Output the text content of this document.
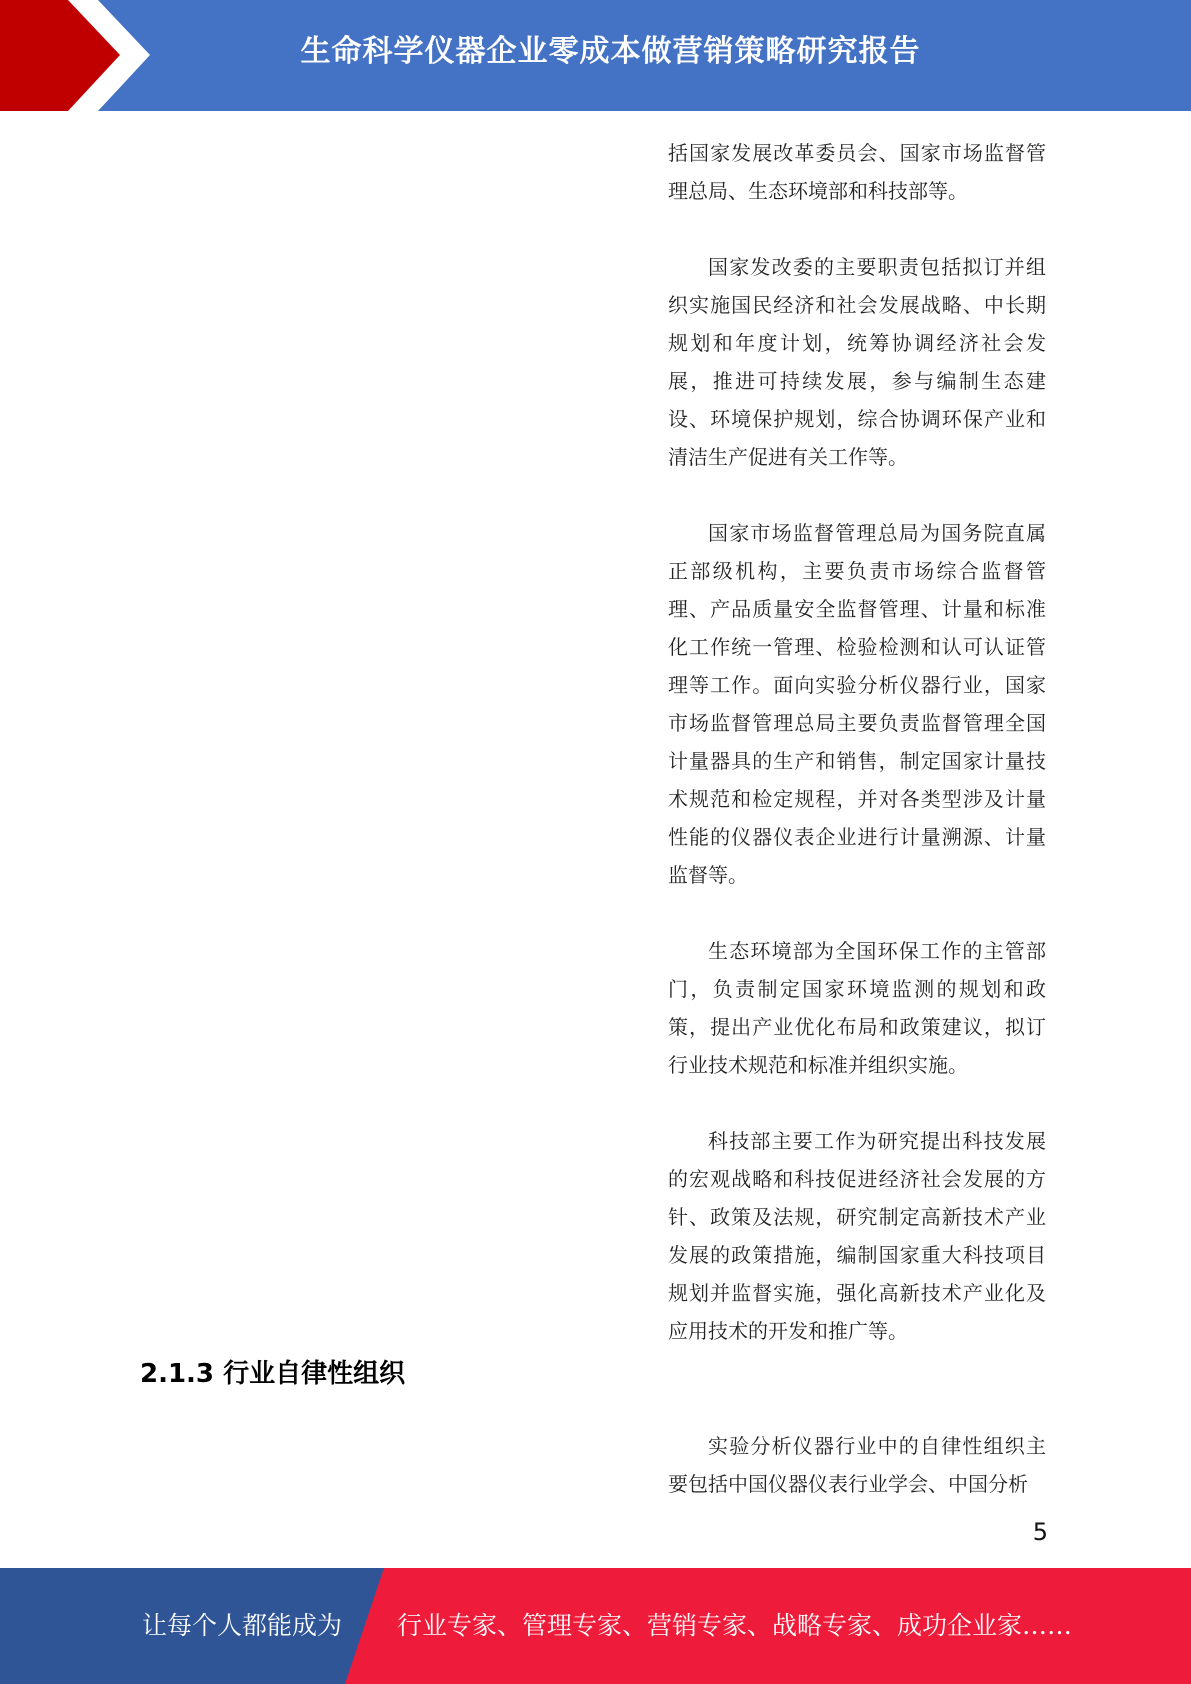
生命科学仪器企业零成本做营销策略研究报告

括国家发展改革委员会、国家市场监督管理总局、生态环境部和科技部等。

国家发改委的主要职责包括拟订并组织实施国民经济和社会发展战略、中长期规划和年度计划，统筹协调经济社会发展，推进可持续发展，参与编制生态建设、环境保护规划，综合协调环保产业和清洁生产促进有关工作等。

国家市场监督管理总局为国务院直属正部级机构，主要负责市场综合监督管理、产品质量安全监督管理、计量和标准化工作统一管理、检验检测和认可认证管理等工作。面向实验分析仪器行业，国家市场监督管理总局主要负责监督管理全国计量器具的生产和销售，制定国家计量技术规范和检定规程，并对各类型涉及计量性能的仪器仪表企业进行计量溯源、计量监督等。

生态环境部为全国环保工作的主管部门，负责制定国家环境监测的规划和政策，提出产业优化布局和政策建议，拟订行业技术规范和标准并组织实施。

科技部主要工作为研究提出科技发展的宏观战略和科技促进经济社会发展的方针、政策及法规，研究制定高新技术产业发展的政策措施，编制国家重大科技项目规划并监督实施，强化高新技术产业化及应用技术的开发和推广等。

2.1.3 行业自律性组织

实验分析仪器行业中的自律性组织主要包括中国仪器仪表行业学会、中国分析

5
让每个人都能成为 行业专家、管理专家、营销专家、战略专家、成功企业家……
